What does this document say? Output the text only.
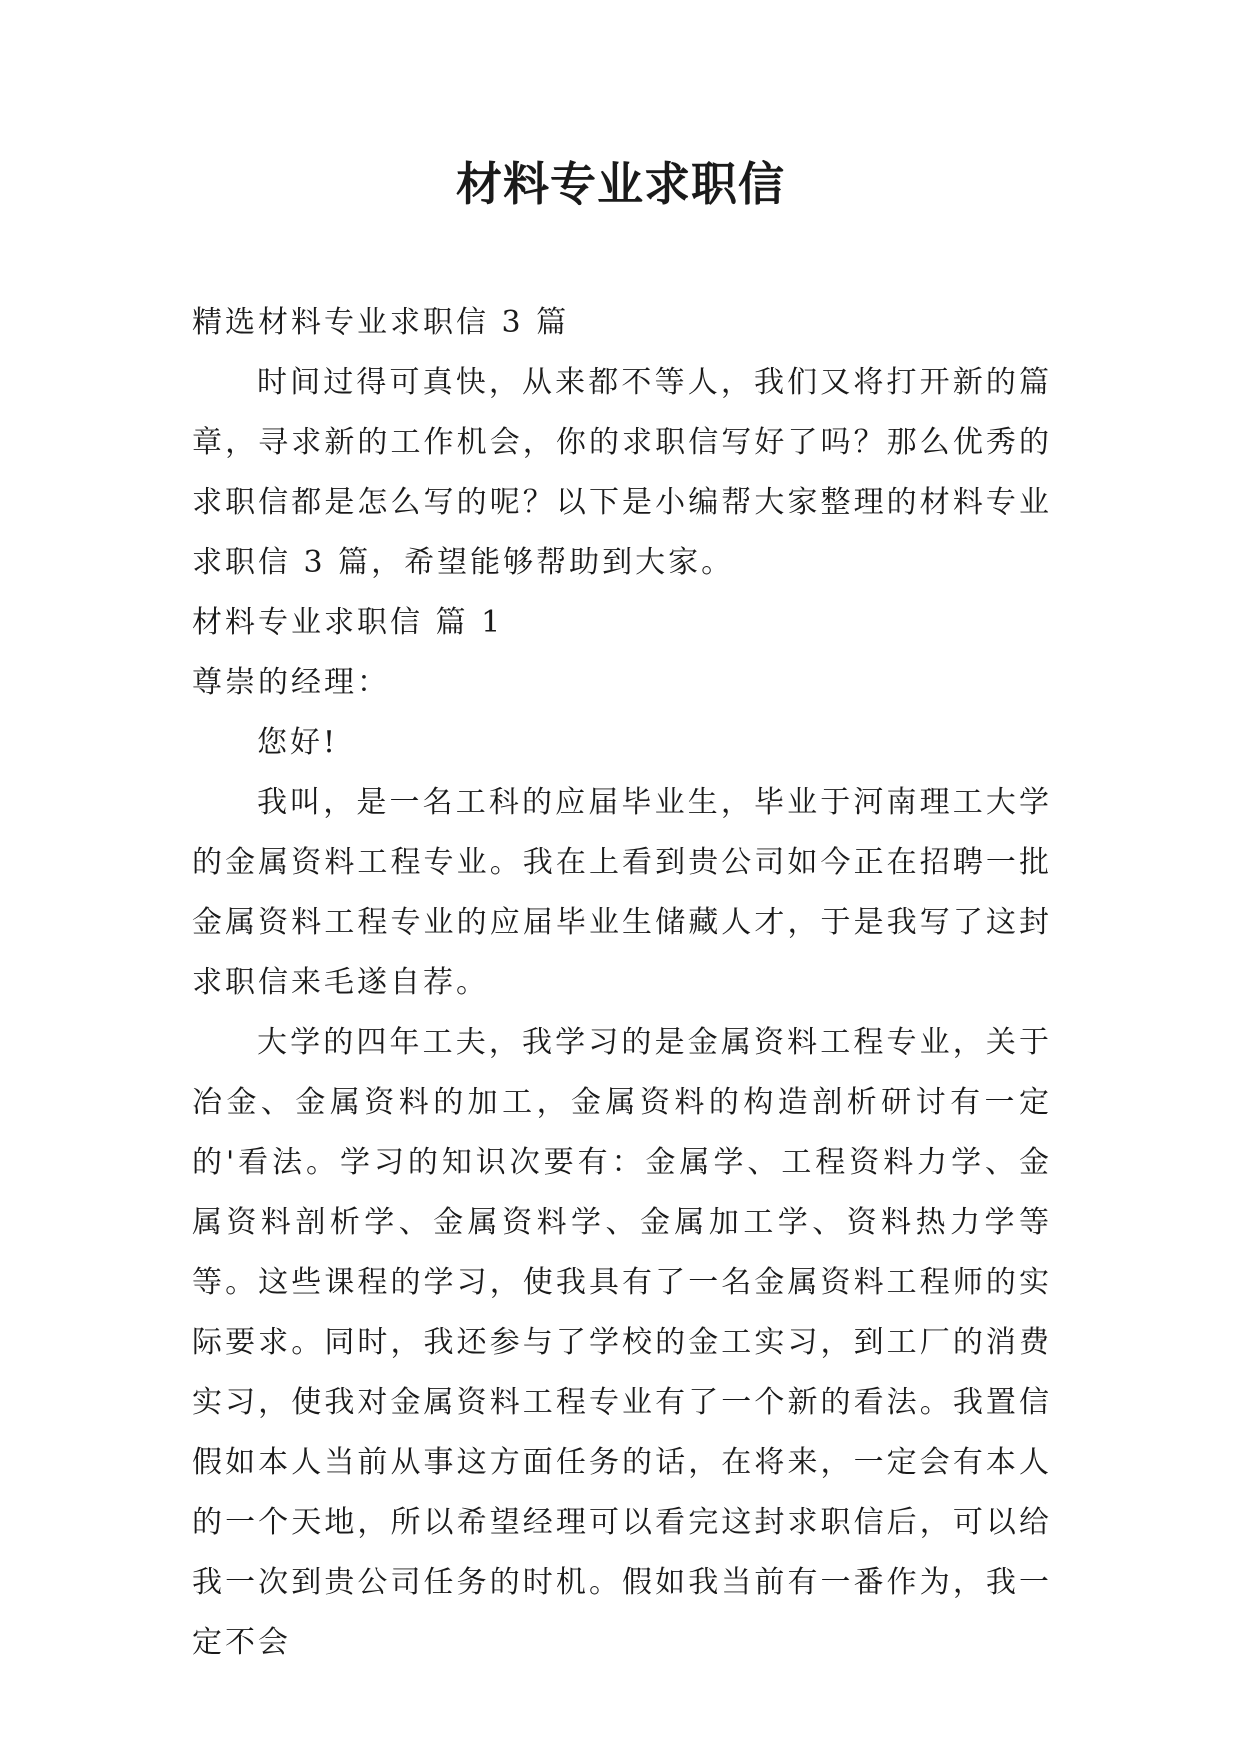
材料专业求职信

精选材料专业求职信 3 篇

时间过得可真快，从来都不等人，我们又将打开新的篇章，寻求新的工作机会，你的求职信写好了吗？那么优秀的求职信都是怎么写的呢？以下是小编帮大家整理的材料专业求职信 3 篇，希望能够帮助到大家。

材料专业求职信 篇 1

尊崇的经理：

您好!

我叫，是一名工科的应届毕业生，毕业于河南理工大学的金属资料工程专业。我在上看到贵公司如今正在招聘一批金属资料工程专业的应届毕业生储藏人才，于是我写了这封求职信来毛遂自荐。

大学的四年工夫，我学习的是金属资料工程专业，关于冶金、金属资料的加工，金属资料的构造剖析研讨有一定的'看法。学习的知识次要有：金属学、工程资料力学、金属资料剖析学、金属资料学、金属加工学、资料热力学等等。这些课程的学习，使我具有了一名金属资料工程师的实际要求。同时，我还参与了学校的金工实习，到工厂的消费实习，使我对金属资料工程专业有了一个新的看法。我置信假如本人当前从事这方面任务的话，在将来，一定会有本人的一个天地，所以希望经理可以看完这封求职信后，可以给我一次到贵公司任务的时机。假如我当前有一番作为，我一定不会
